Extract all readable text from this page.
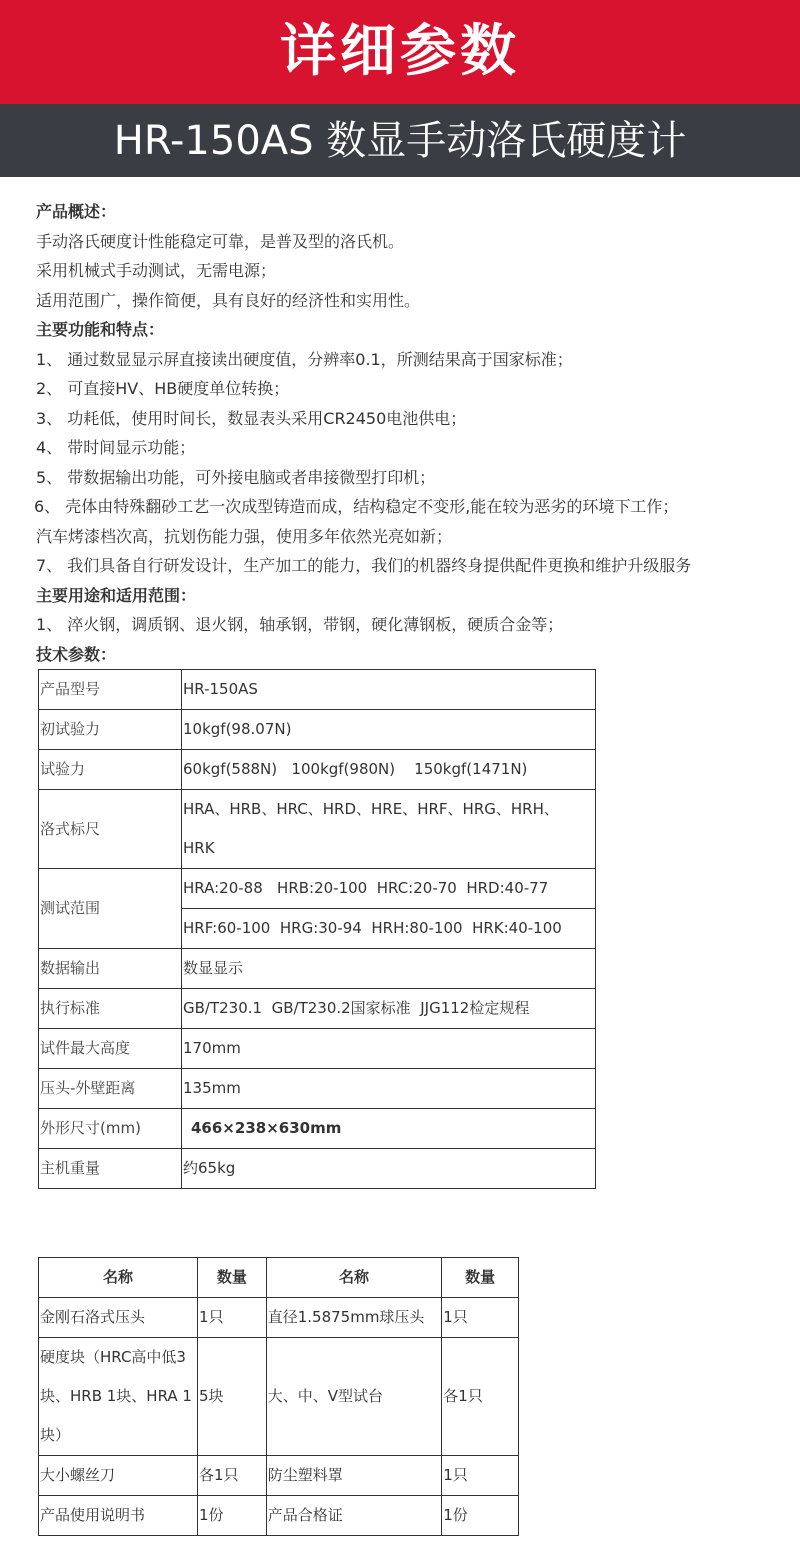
详细参数
HR-150AS 数显手动洛氏硬度计
产品概述：
手动洛氏硬度计性能稳定可靠，是普及型的洛氏机。
采用机械式手动测试，无需电源；
适用范围广，操作简便，具有良好的经济性和实用性。
主要功能和特点：
1、 通过数显显示屏直接读出硬度值，分辨率0.1，所测结果高于国家标准；
2、 可直接HV、HB硬度单位转换；
3、 功耗低，使用时间长，数显表头采用CR2450电池供电；
4、 带时间显示功能；
5、 带数据输出功能，可外接电脑或者串接微型打印机；
6、 壳体由特殊翻砂工艺一次成型铸造而成，结构稳定不变形,能在较为恶劣的环境下工作；
汽车烤漆档次高，抗划伤能力强，使用多年依然光亮如新；
7、 我们具备自行研发设计，生产加工的能力，我们的机器终身提供配件更换和维护升级服务
主要用途和适用范围：
1、 淬火钢，调质钢、退火钢，轴承钢，带钢，硬化薄钢板，硬质合金等；
技术参数：
产品型号	HR-150AS
初试验力	10kgf(98.07N)
试验力	60kgf(588N)   100kgf(980N)    150kgf(1471N)
洛式标尺	HRA、HRB、HRC、HRD、HRE、HRF、HRG、HRH、
HRK

测试范围	HRA:20-88   HRB:20-100  HRC:20-70  HRD:40-77
	HRF:60-100  HRG:30-94  HRH:80-100  HRK:40-100
数据输出	数显显示
执行标准	GB/T230.1  GB/T230.2国家标准  JJG112检定规程
试件最大高度	170mm
压头-外壁距离	135mm
外形尺寸(mm)	466×238×630mm
主机重量	约65kg
名称	数量	名称	数量
金刚石洛式压头	1只	直径1.5875mm球压头	1只

硬度块（HRC高中低3
块、HRB 1块、HRA 1
块）	5块	大、中、V型试台	各1只
大小螺丝刀	各1只	防尘塑料罩	1只
产品使用说明书	1份	产品合格证	1份
